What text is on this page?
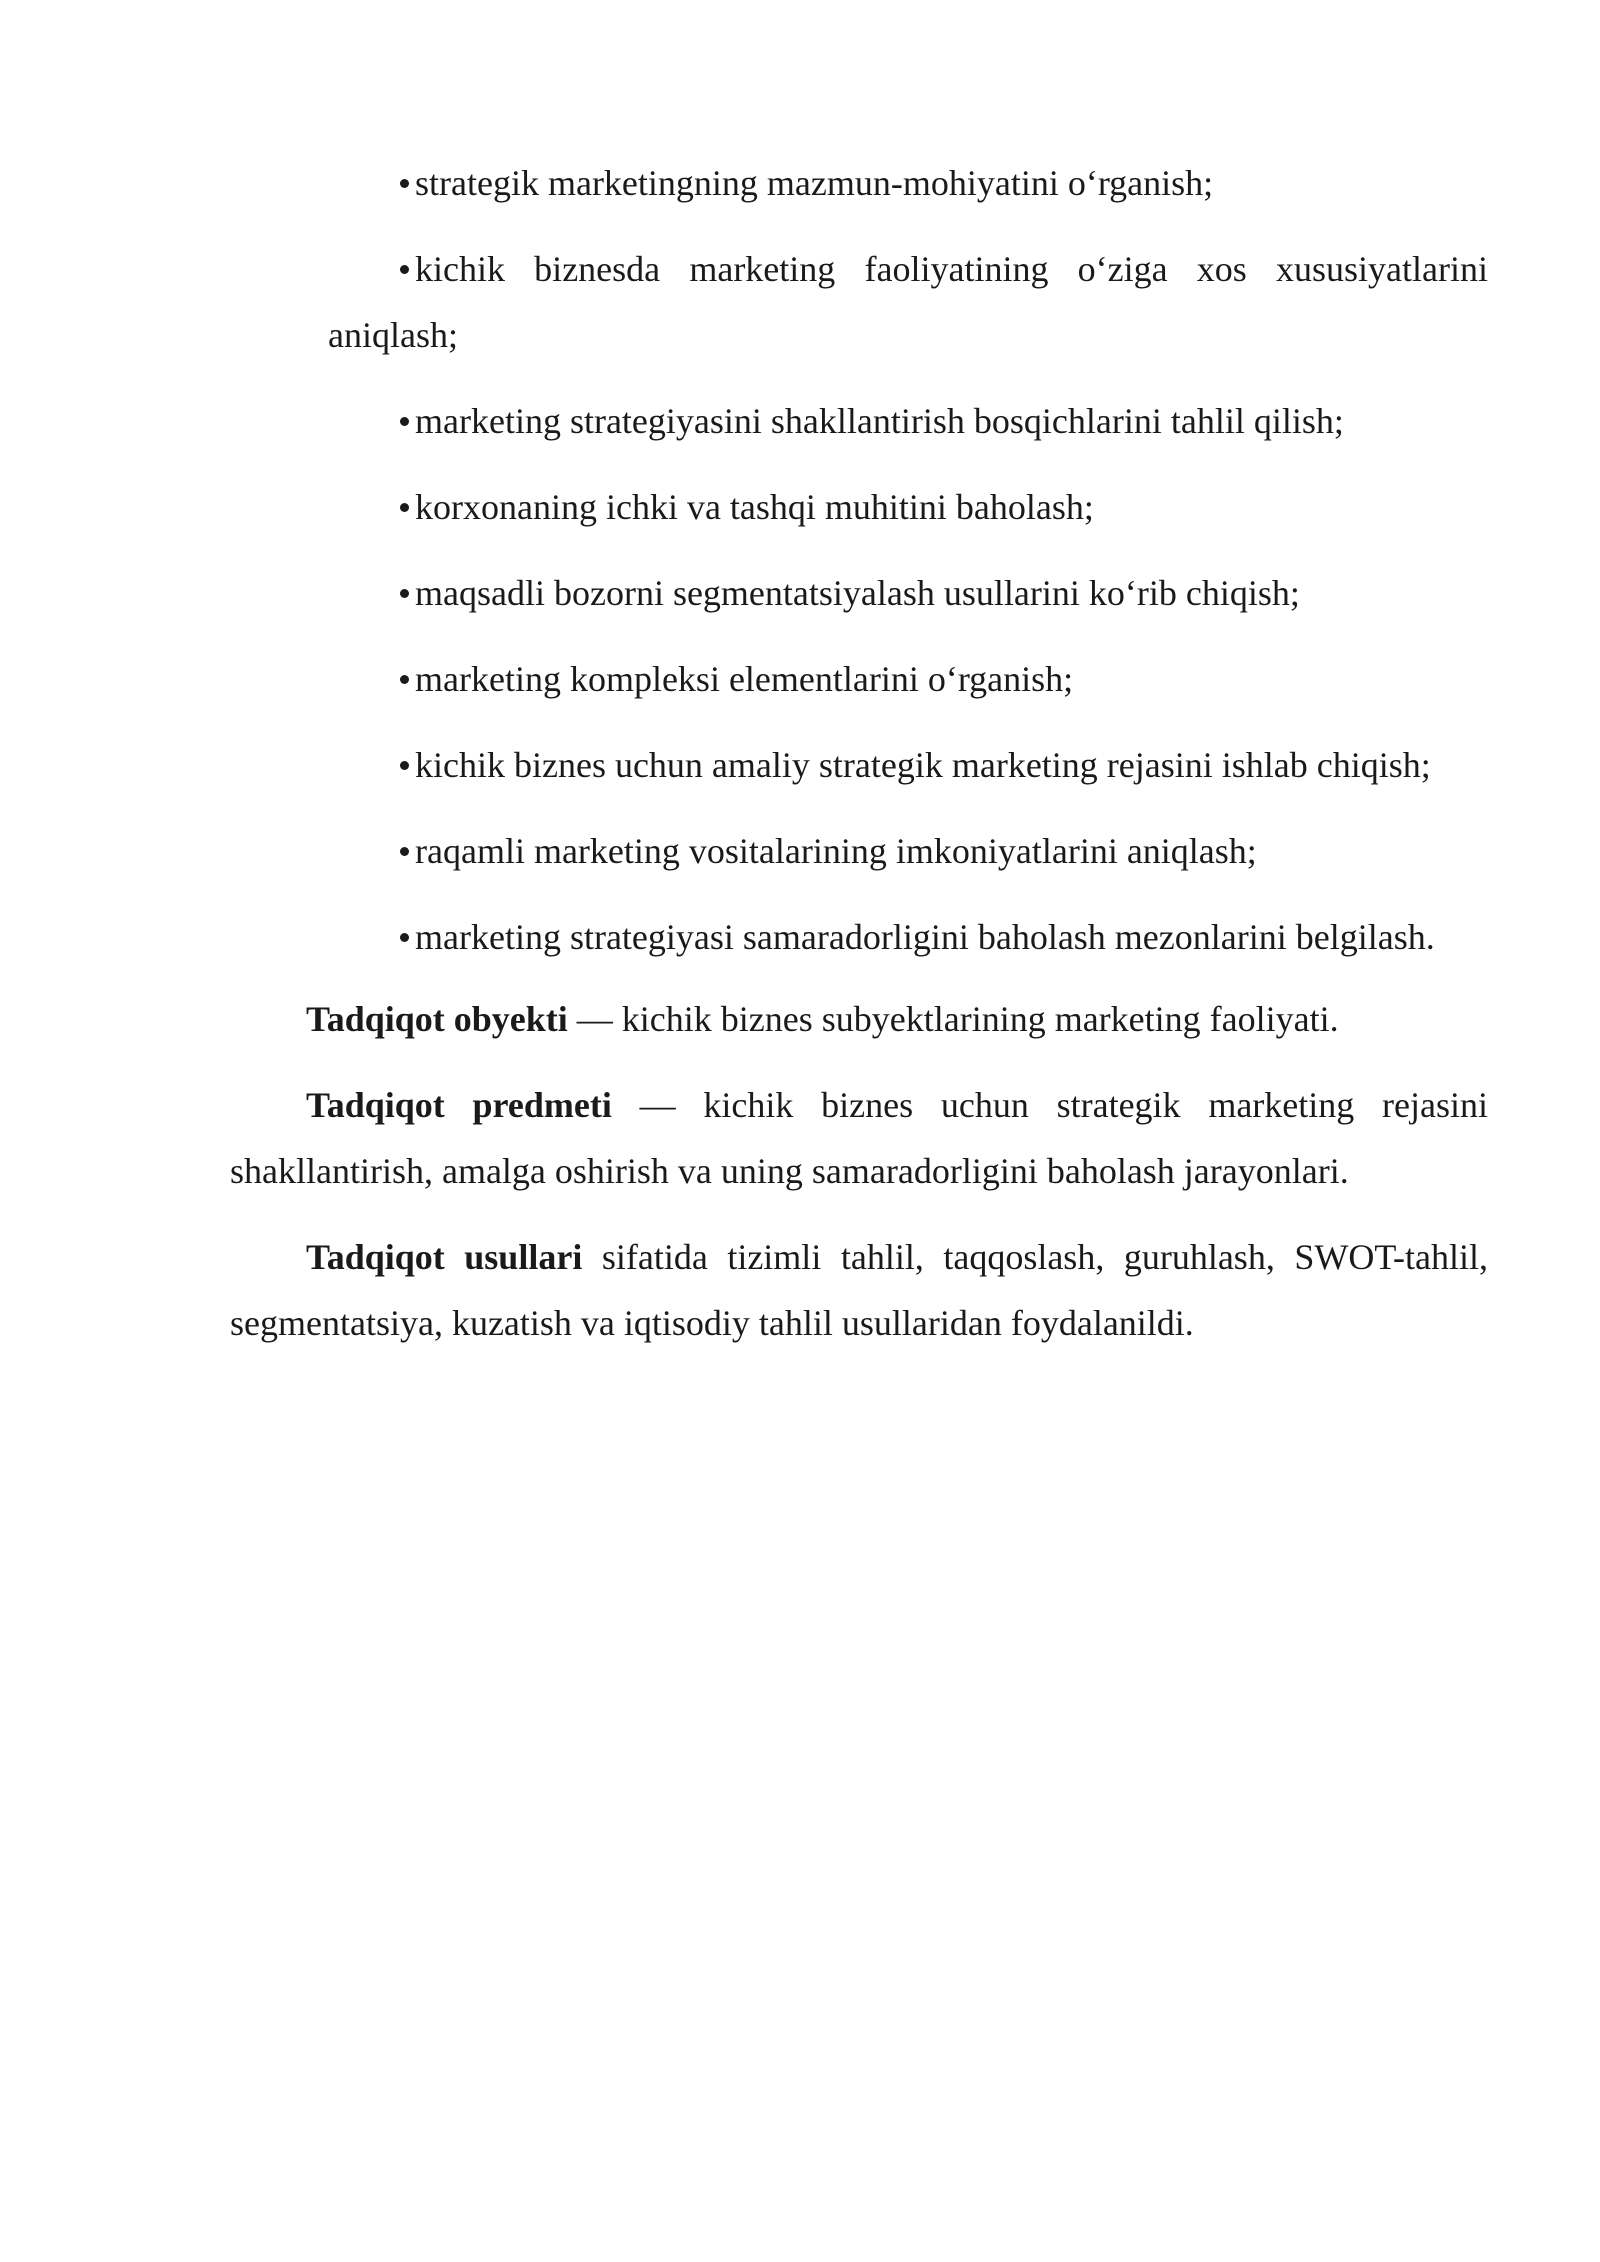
strategik marketingning mazmun-mohiyatini o‘rganish;
kichik biznesda marketing faoliyatining o‘ziga xos xususiyatlarini aniqlash;
marketing strategiyasini shakllantirish bosqichlarini tahlil qilish;
korxonaning ichki va tashqi muhitini baholash;
maqsadli bozorni segmentatsiyalash usullarini ko‘rib chiqish;
marketing kompleksi elementlarini o‘rganish;
kichik biznes uchun amaliy strategik marketing rejasini ishlab chiqish;
raqamli marketing vositalarining imkoniyatlarini aniqlash;
marketing strategiyasi samaradorligini baholash mezonlarini belgilash.

Tadqiqot obyekti — kichik biznes subyektlarining marketing faoliyati.

Tadqiqot predmeti — kichik biznes uchun strategik marketing rejasini shakllantirish, amalga oshirish va uning samaradorligini baholash jarayonlari.

Tadqiqot usullari sifatida tizimli tahlil, taqqoslash, guruhlash, SWOT-tahlil, segmentatsiya, kuzatish va iqtisodiy tahlil usullaridan foydalanildi.
